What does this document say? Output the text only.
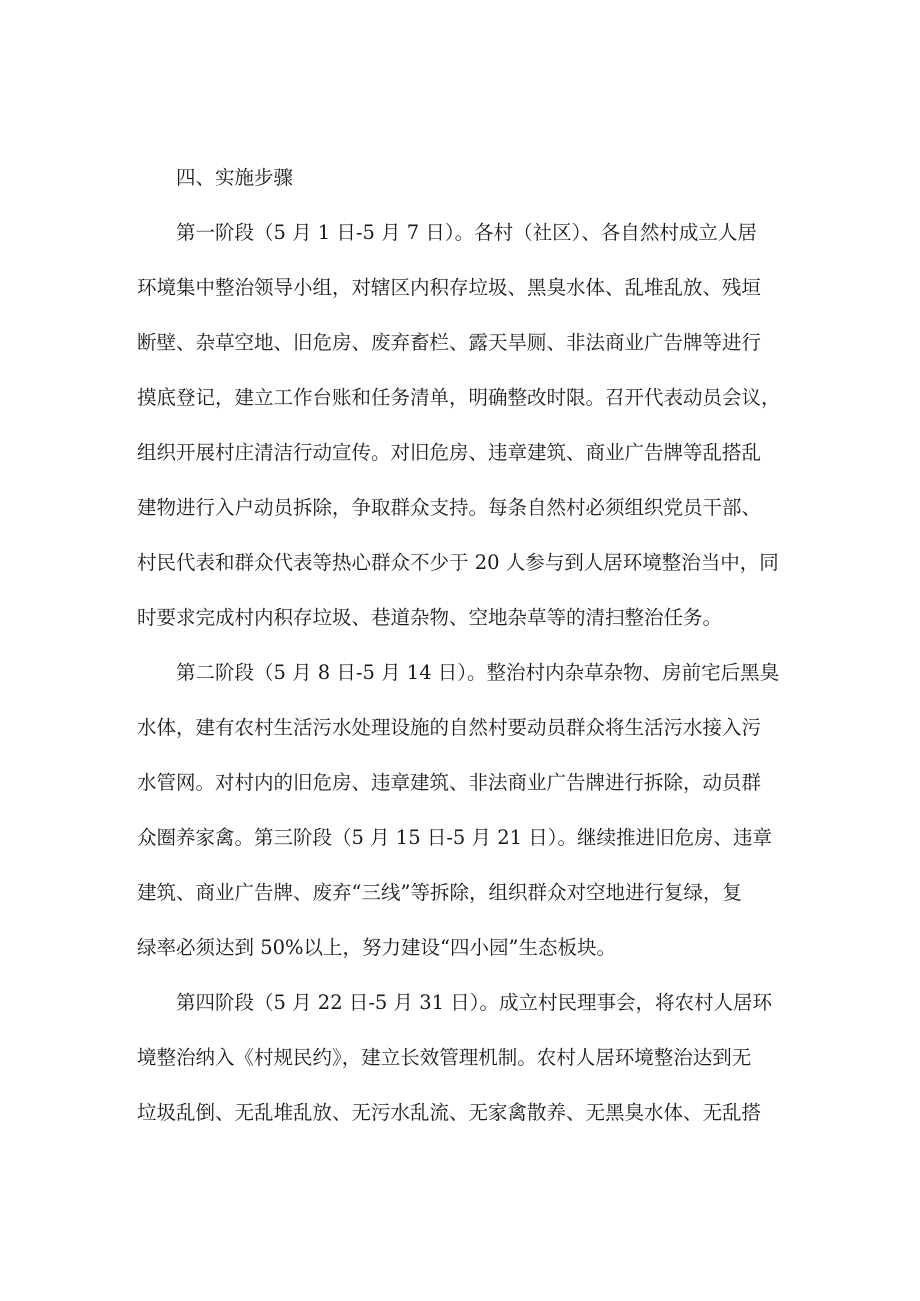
四、实施步骤
第一阶段（5 月 1 日-5 月 7 日）。各村（社区）、各自然村成立人居
环境集中整治领导小组，对辖区内积存垃圾、黑臭水体、乱堆乱放、残垣
断壁、杂草空地、旧危房、废弃畜栏、露天旱厕、非法商业广告牌等进行
摸底登记，建立工作台账和任务清单，明确整改时限。召开代表动员会议，
组织开展村庄清洁行动宣传。对旧危房、违章建筑、商业广告牌等乱搭乱
建物进行入户动员拆除，争取群众支持。每条自然村必须组织党员干部、
村民代表和群众代表等热心群众不少于 20 人参与到人居环境整治当中，同
时要求完成村内积存垃圾、巷道杂物、空地杂草等的清扫整治任务。
第二阶段（5 月 8 日-5 月 14 日）。整治村内杂草杂物、房前宅后黑臭
水体，建有农村生活污水处理设施的自然村要动员群众将生活污水接入污
水管网。对村内的旧危房、违章建筑、非法商业广告牌进行拆除，动员群
众圈养家禽。第三阶段（5 月 15 日-5 月 21 日）。继续推进旧危房、违章
建筑、商业广告牌、废弃“三线”等拆除，组织群众对空地进行复绿，复
绿率必须达到 50%以上，努力建设“四小园”生态板块。
第四阶段（5 月 22 日-5 月 31 日）。成立村民理事会，将农村人居环
境整治纳入《村规民约》，建立长效管理机制。农村人居环境整治达到无
垃圾乱倒、无乱堆乱放、无污水乱流、无家禽散养、无黑臭水体、无乱搭
